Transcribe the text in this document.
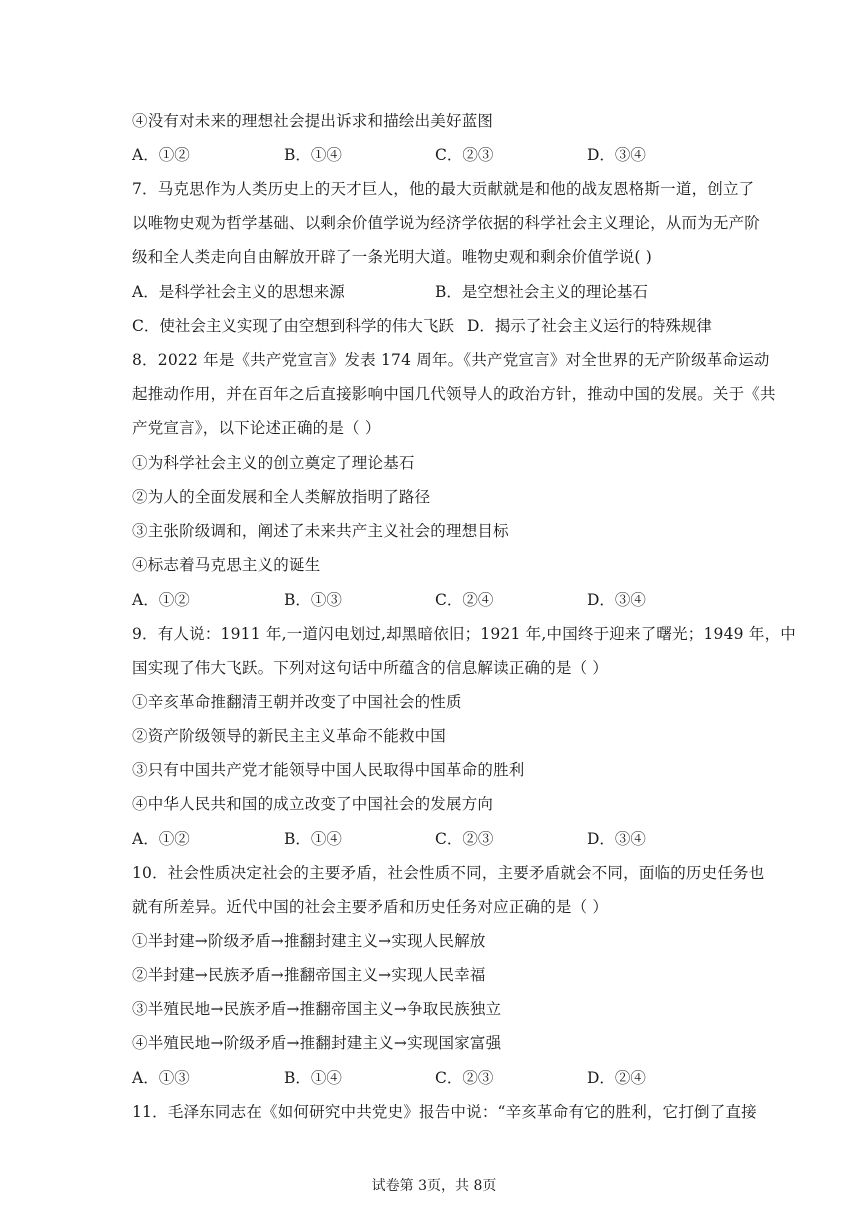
④没有对未来的理想社会提出诉求和描绘出美好蓝图
A．①②	B．①④	C．②③	D．③④
7．马克思作为人类历史上的天才巨人，他的最大贡献就是和他的战友恩格斯一道，创立了
以唯物史观为哲学基础、以剩余价值学说为经济学依据的科学社会主义理论，从而为无产阶
级和全人类走向自由解放开辟了一条光明大道。唯物史观和剩余价值学说( )
A．是科学社会主义的思想来源	B．是空想社会主义的理论基石
C．使社会主义实现了由空想到科学的伟大飞跃 D．揭示了社会主义运行的特殊规律
8．2022 年是《共产党宣言》发表 174 周年。《共产党宣言》对全世界的无产阶级革命运动
起推动作用，并在百年之后直接影响中国几代领导人的政治方针，推动中国的发展。关于《共
产党宣言》，以下论述正确的是（ ）
①为科学社会主义的创立奠定了理论基石
②为人的全面发展和全人类解放指明了路径
③主张阶级调和，阐述了未来共产主义社会的理想目标
④标志着马克思主义的诞生
A．①②	B．①③	C．②④	D．③④
9．有人说：1911 年,一道闪电划过,却黑暗依旧；1921 年,中国终于迎来了曙光；1949 年，中
国实现了伟大飞跃。下列对这句话中所蕴含的信息解读正确的是（ ）
①辛亥革命推翻清王朝并改变了中国社会的性质
②资产阶级领导的新民主主义革命不能救中国
③只有中国共产党才能领导中国人民取得中国革命的胜利
④中华人民共和国的成立改变了中国社会的发展方向
A．①②	B．①④	C．②③	D．③④
10．社会性质决定社会的主要矛盾，社会性质不同，主要矛盾就会不同，面临的历史任务也
就有所差异。近代中国的社会主要矛盾和历史任务对应正确的是（ ）
①半封建→阶级矛盾→推翻封建主义→实现人民解放
②半封建→民族矛盾→推翻帝国主义→实现人民幸福
③半殖民地→民族矛盾→推翻帝国主义→争取民族独立
④半殖民地→阶级矛盾→推翻封建主义→实现国家富强
A．①③	B．①④	C．②③	D．②④
11．毛泽东同志在《如何研究中共党史》报告中说：“辛亥革命有它的胜利，它打倒了直接
试卷第 3页，共 8页
